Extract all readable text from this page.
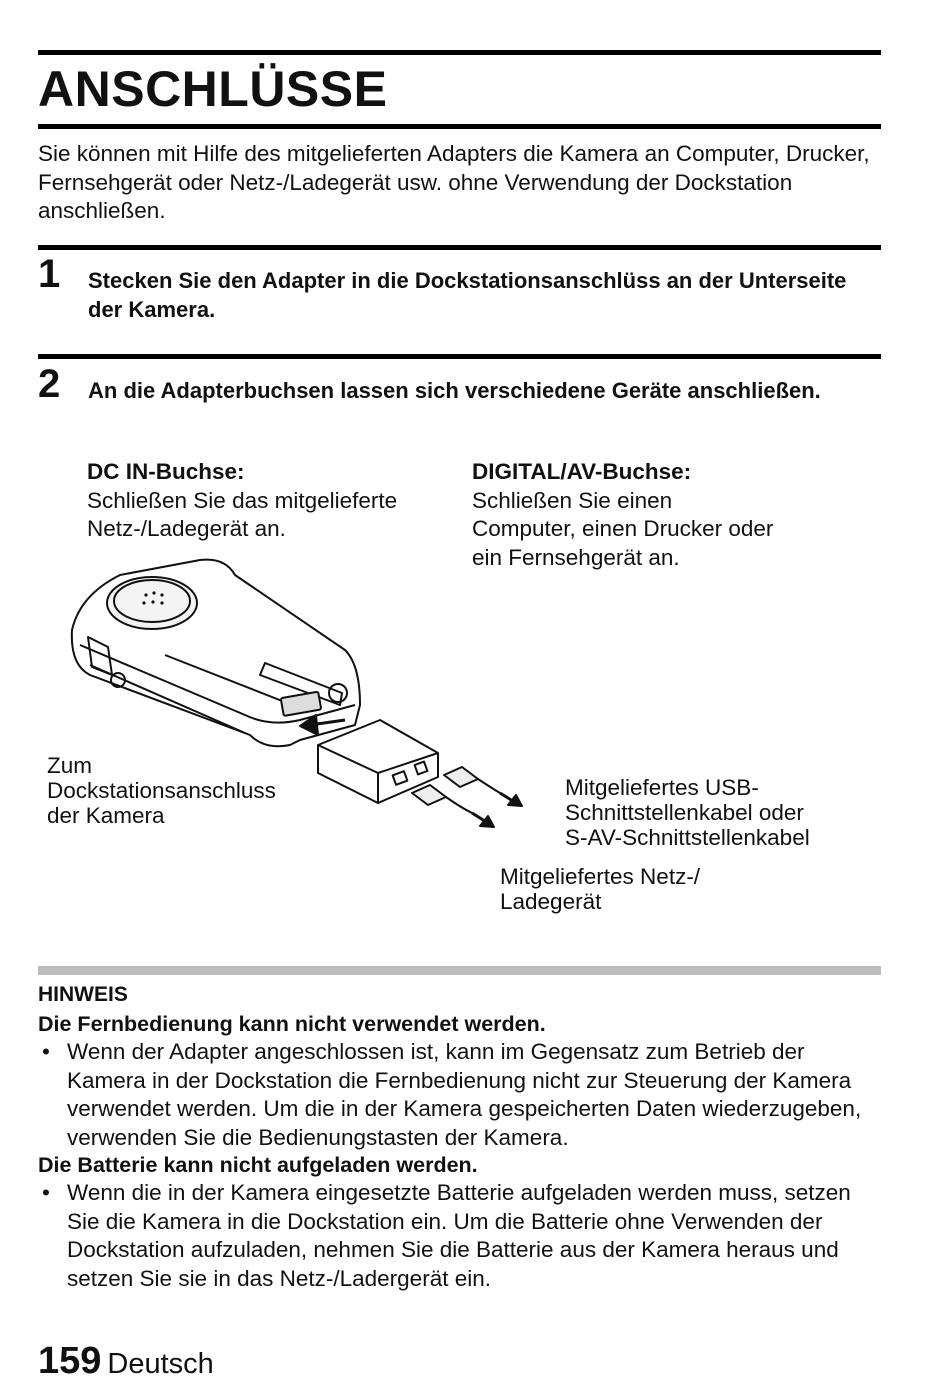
ANSCHLÜSSE

Sie können mit Hilfe des mitgelieferten Adapters die Kamera an Computer, Drucker, Fernsehgerät oder Netz-/Ladegerät usw. ohne Verwendung der Dockstation anschließen.

1 Stecken Sie den Adapter in die Dockstationsanschlüss an der Unterseite der Kamera.

2 An die Adapterbuchsen lassen sich verschiedene Geräte anschließen.

DC IN-Buchse:
Schließen Sie das mitgelieferte
Netz-/Ladegerät an.
DIGITAL/AV-Buchse:
Schließen Sie einen
Computer, einen Drucker oder
ein Fernsehgerät an.
Zum
Dockstationsanschluss
der Kamera
Mitgeliefertes USB-
Schnittstellenkabel oder
S-AV-Schnittstellenkabel
Mitgeliefertes Netz-/
Ladegerät
HINWEIS
Die Fernbedienung kann nicht verwendet werden.
• Wenn der Adapter angeschlossen ist, kann im Gegensatz zum Betrieb der Kamera in der Dockstation die Fernbedienung nicht zur Steuerung der Kamera verwendet werden. Um die in der Kamera gespeicherten Daten wiederzugeben, verwenden Sie die Bedienungstasten der Kamera.
Die Batterie kann nicht aufgeladen werden.
• Wenn die in der Kamera eingesetzte Batterie aufgeladen werden muss, setzen Sie die Kamera in die Dockstation ein. Um die Batterie ohne Verwenden der Dockstation aufzuladen, nehmen Sie die Batterie aus der Kamera heraus und setzen Sie sie in das Netz-/Ladergerät ein.
159 Deutsch
